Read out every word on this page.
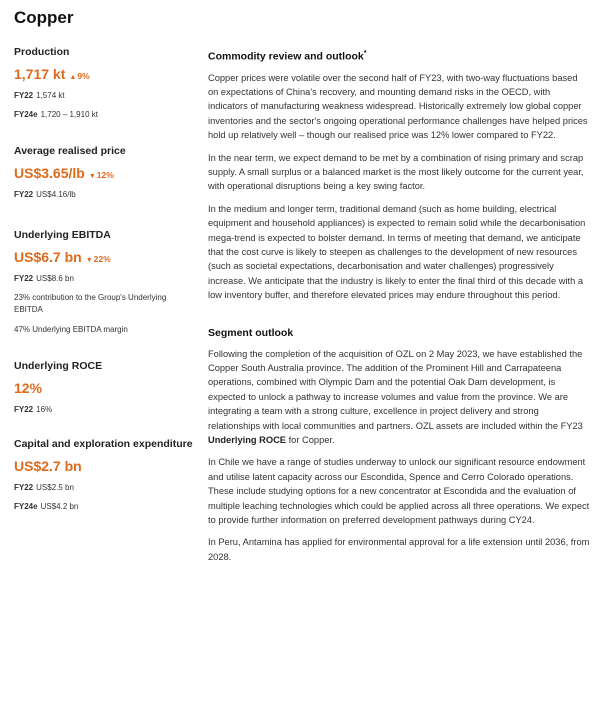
Copper
Production
1,717 kt ▲9%
FY22 1,574 kt
FY24e 1,720 – 1,910 kt
Average realised price
US$3.65/lb ▼12%
FY22 US$4.16/lb
Underlying EBITDA
US$6.7 bn ▼22%
FY22 US$8.6 bn
23% contribution to the Group's Underlying EBITDA
47% Underlying EBITDA margin
Underlying ROCE
12%
FY22 16%
Capital and exploration expenditure
US$2.7 bn
FY22 US$2.5 bn
FY24e US$4.2 bn
Commodity review and outlook*

Copper prices were volatile over the second half of FY23, with two-way fluctuations based on expectations of China's recovery, and mounting demand risks in the OECD, with indicators of manufacturing weakness widespread. Historically extremely low global copper inventories and the sector's ongoing operational performance challenges have helped prices hold up relatively well – though our realised price was 12% lower compared to FY22.

In the near term, we expect demand to be met by a combination of rising primary and scrap supply. A small surplus or a balanced market is the most likely outcome for the current year, with operational disruptions being a key swing factor.

In the medium and longer term, traditional demand (such as home building, electrical equipment and household appliances) is expected to remain solid while the decarbonisation mega-trend is expected to bolster demand. In terms of meeting that demand, we anticipate that the cost curve is likely to steepen as challenges to the development of new resources (such as societal expectations, decarbonisation and water challenges) progressively increase. We anticipate that the industry is likely to enter the final third of this decade with a low inventory buffer, and therefore elevated prices may endure throughout this period.

Segment outlook

Following the completion of the acquisition of OZL on 2 May 2023, we have established the Copper South Australia province. The addition of the Prominent Hill and Carrapateena operations, combined with Olympic Dam and the potential Oak Dam development, is expected to unlock a pathway to increase volumes and value from the province. We are integrating a team with a strong culture, excellence in project delivery and strong relationships with local communities and partners. OZL assets are included within the FY23 Underlying ROCE for Copper.

In Chile we have a range of studies underway to unlock our significant resource endowment and utilise latent capacity across our Escondida, Spence and Cerro Colorado operations. These include studying options for a new concentrator at Escondida and the evaluation of multiple leaching technologies which could be applied across all three operations. We expect to provide further information on preferred development pathways during CY24.

In Peru, Antamina has applied for environmental approval for a life extension until 2036, from 2028.
